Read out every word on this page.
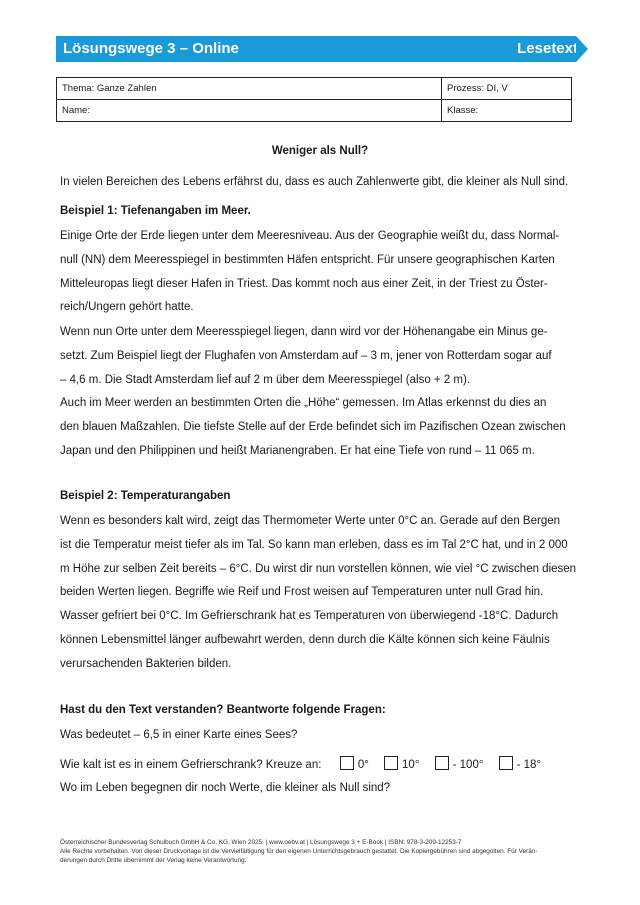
Lösungswege 3 – Online	Lesetext
Thema: Ganze Zahlen	Prozess: DI, V
Name:	Klasse:
Weniger als Null?
In vielen Bereichen des Lebens erfährst du, dass es auch Zahlenwerte gibt, die kleiner als Null sind.
Beispiel 1: Tiefenangaben im Meer.
Einige Orte der Erde liegen unter dem Meeresniveau. Aus der Geographie weißt du, dass Normal-
null (NN) dem Meeresspiegel in bestimmten Häfen entspricht. Für unsere geographischen Karten
Mitteleuropas liegt dieser Hafen in Triest. Das kommt noch aus einer Zeit, in der Triest zu Öster-
reich/Ungern gehört hatte.
Wenn nun Orte unter dem Meeresspiegel liegen, dann wird vor der Höhenangabe ein Minus ge-
setzt. Zum Beispiel liegt der Flughafen von Amsterdam auf – 3 m, jener von Rotterdam sogar auf
– 4,6 m. Die Stadt Amsterdam lief auf 2 m über dem Meeresspiegel (also + 2 m).
Auch im Meer werden an bestimmten Orten die „Höhe“ gemessen. Im Atlas erkennst du dies an
den blauen Maßzahlen. Die tiefste Stelle auf der Erde befindet sich im Pazifischen Ozean zwischen
Japan und den Philippinen und heißt Marianengraben. Er hat eine Tiefe von rund – 11 065 m.
Beispiel 2: Temperaturangaben
Wenn es besonders kalt wird, zeigt das Thermometer Werte unter 0°C an. Gerade auf den Bergen
ist die Temperatur meist tiefer als im Tal. So kann man erleben, dass es im Tal 2°C hat, und in 2 000
m Höhe zur selben Zeit bereits – 6°C. Du wirst dir nun vorstellen können, wie viel °C zwischen diesen
beiden Werten liegen. Begriffe wie Reif und Frost weisen auf Temperaturen unter null Grad hin.
Wasser gefriert bei 0°C. Im Gefrierschrank hat es Temperaturen von überwiegend -18°C. Dadurch
können Lebensmittel länger aufbewahrt werden, denn durch die Kälte können sich keine Fäulnis
verursachenden Bakterien bilden.
Hast du den Text verstanden? Beantworte folgende Fragen:
Was bedeutet – 6,5 in einer Karte eines Sees?
Wie kalt ist es in einem Gefrierschrank? Kreuze an:	0°	10°	- 100°	- 18°
Wo im Leben begegnen dir noch Werte, die kleiner als Null sind?
Österreichischer Bundesverlag Schulbuch GmbH & Co. KG, Wien 2025. | www.oebv.at | Lösungswege 3 + E-Book | ISBN: 978-3-209-12253-7
Alle Rechte vorbehalten. Von dieser Druckvorlage ist die Vervielfältigung für den eigenen Unterrichtsgebrauch gestattet. Die Kopiergebühren sind abgegolten. Für Verän-
derungen durch Dritte übernimmt der Verlag keine Verantwortung.
